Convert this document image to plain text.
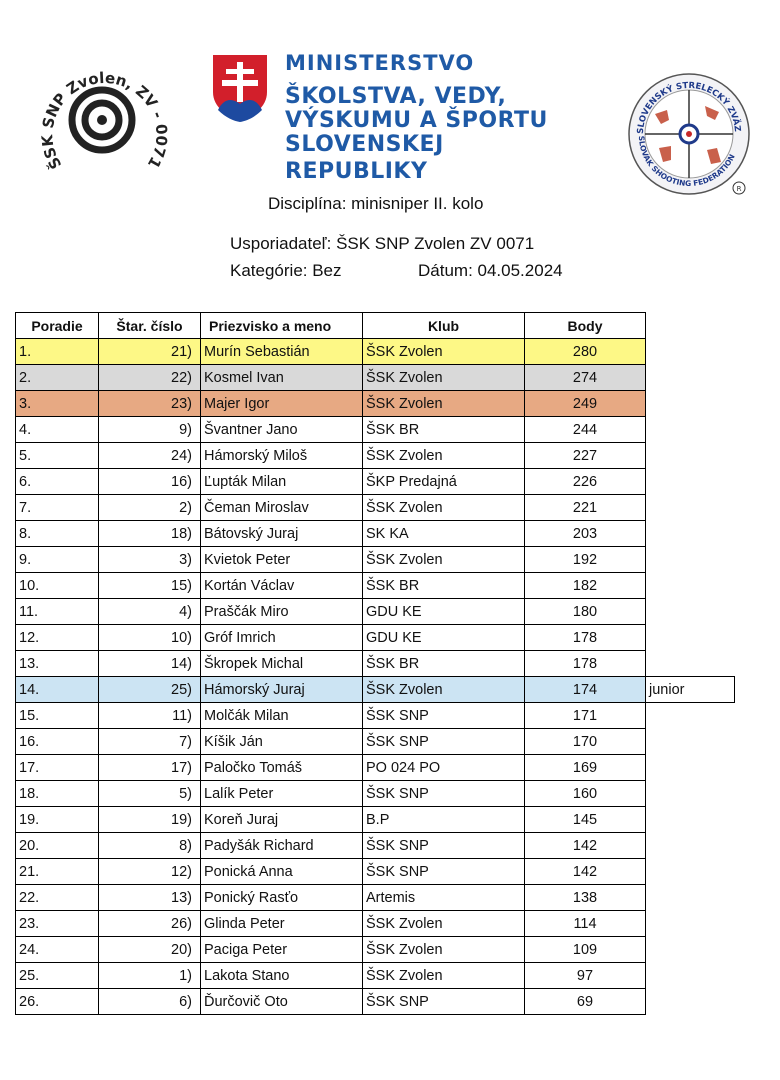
ŠSK SNP Zvolen, ZV - 0071
MINISTERSTVO
ŠKOLSTVA, VEDY,
VÝSKUMU A ŠPORTU
SLOVENSKEJ REPUBLIKY
SLOVENSKÝ STRELECKÝ ZVÄZ
SLOVAK SHOOTING FEDERATION
R
Disciplína: minisniper II. kolo
Usporiadateľ: ŠSK SNP Zvolen ZV 0071
Kategórie: Bez	Dátum: 04.05.2024
Poradie	Štar. číslo	Priezvisko a meno	Klub	Body	
1.	21)	Murín Sebastián	ŠSK Zvolen	280	
2.	22)	Kosmel Ivan	ŠSK Zvolen	274	
3.	23)	Majer Igor	ŠSK Zvolen	249	
4.	9)	Švantner Jano	ŠSK BR	244	
5.	24)	Hámorský Miloš	ŠSK Zvolen	227	
6.	16)	Ľupták Milan	ŠKP Predajná	226	
7.	2)	Čeman Miroslav	ŠSK Zvolen	221	
8.	18)	Bátovský Juraj	SK KA	203	
9.	3)	Kvietok Peter	ŠSK Zvolen	192	
10.	15)	Kortán Václav	ŠSK BR	182	
11.	4)	Praščák Miro	GDU KE	180	
12.	10)	Gróf Imrich	GDU KE	178	
13.	14)	Škropek Michal	ŠSK BR	178	
14.	25)	Hámorský Juraj	ŠSK Zvolen	174	junior
15.	11)	Molčák Milan	ŠSK SNP	171	
16.	7)	Kíšik Ján	ŠSK SNP	170	
17.	17)	Paločko Tomáš	PO 024 PO	169	
18.	5)	Lalík Peter	ŠSK SNP	160	
19.	19)	Koreň Juraj	B.P	145	
20.	8)	Padyšák Richard	ŠSK SNP	142	
21.	12)	Ponická Anna	ŠSK SNP	142	
22.	13)	Ponický Rasťo	Artemis	138	
23.	26)	Glinda Peter	ŠSK Zvolen	114	
24.	20)	Paciga Peter	ŠSK Zvolen	109	
25.	1)	Lakota Stano	ŠSK Zvolen	97	
26.	6)	Ďurčovič Oto	ŠSK SNP	69	
